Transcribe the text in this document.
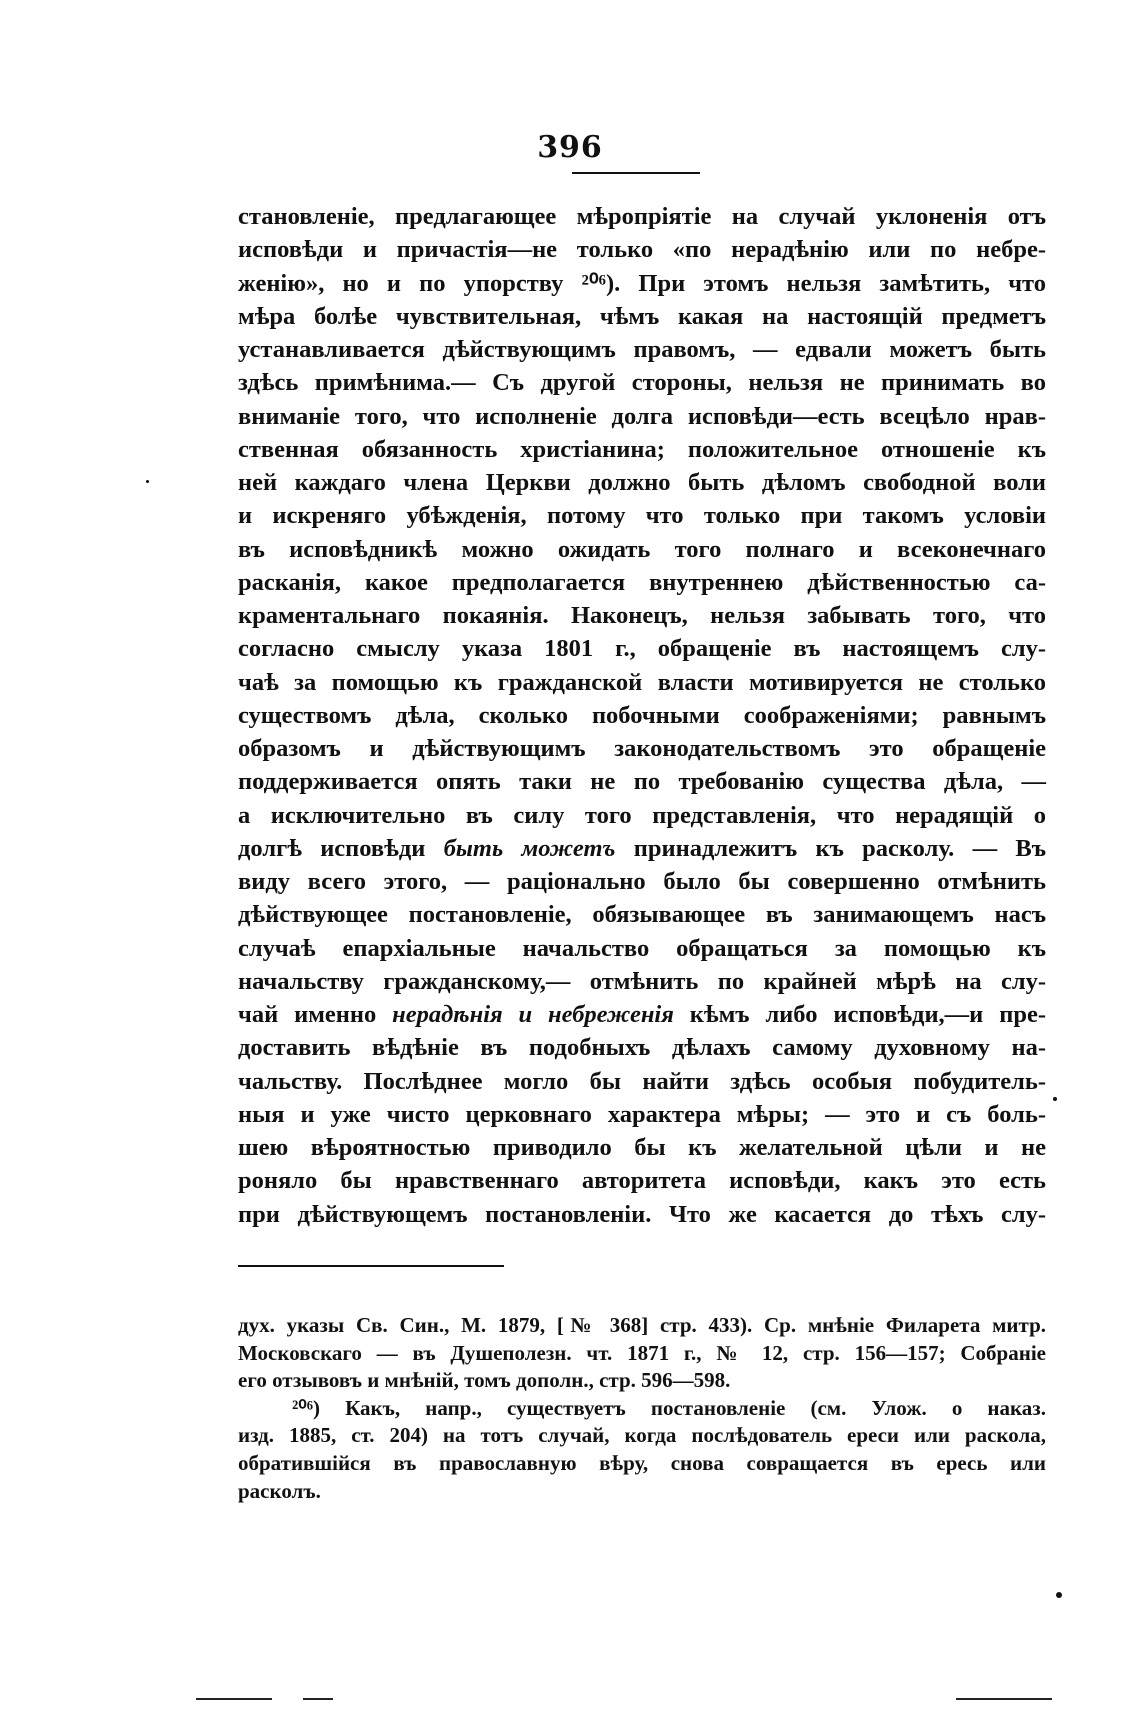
396
становленіе, предлагающее мѣропріятіе на случай уклоненія отъ
исповѣди и причастія—не только «по нерадѣнію или по небре-
женію», но и по упорству ²⁰⁶). При этомъ нельзя замѣтить, что
мѣра болѣе чувствительная, чѣмъ какая на настоящій предметъ
устанавливается дѣйствующимъ правомъ, — едвали можетъ быть
здѣсь примѣнима.— Съ другой стороны, нельзя не принимать во
вниманіе того, что исполненіе долга исповѣди—есть всецѣло нрав-
ственная обязанность христіанина; положительное отношеніе къ
ней каждаго члена Церкви должно быть дѣломъ свободной воли
и искреняго убѣжденія, потому что только при такомъ условіи
въ исповѣдникѣ можно ожидать того полнаго и всеконечнаго
расканія, какое предполагается внутреннею дѣйственностью са-
краментальнаго покаянія. Наконецъ, нельзя забывать того, что
согласно смыслу указа 1801 г., обращеніе въ настоящемъ слу-
чаѣ за помощью къ гражданской власти мотивируется не столько
существомъ дѣла, сколько побочными соображеніями; равнымъ
образомъ и дѣйствующимъ законодательствомъ это обращеніе
поддерживается опять таки не по требованію существа дѣла, —
а исключительно въ силу того представленія, что нерадящій о
долгѣ исповѣди быть можетъ принадлежитъ къ расколу. — Въ
виду всего этого, — раціонально было бы совершенно отмѣнить
дѣйствующее постановленіе, обязывающее въ занимающемъ насъ
случаѣ епархіальные начальство обращаться за помощью къ
начальству гражданскому,— отмѣнить по крайней мѣрѣ на слу-
чай именно нерадѣнія и небреженія кѣмъ либо исповѣди,—и пре-
доставить вѣдѣніе въ подобныхъ дѣлахъ самому духовному на-
чальству. Послѣднее могло бы найти здѣсь особыя побудитель-
ныя и уже чисто церковнаго характера мѣры; — это и съ боль-
шею вѣроятностью приводило бы къ желательной цѣли и не
роняло бы нравственнаго авторитета исповѣди, какъ это есть
при дѣйствующемъ постановленіи. Что же касается до тѣхъ слу-
дух. указы Св. Син., М. 1879, [№ 368] стр. 433). Ср. мнѣніе Филарета митр.
Московскаго — въ Душеполезн. чт. 1871 г., № 12, стр. 156—157; Собраніе
его отзывовъ и мнѣній, томъ дополн., стр. 596—598.
²⁰⁶) Какъ, напр., существуетъ постановленіе (см. Улож. о наказ.
изд. 1885, ст. 204) на тотъ случай, когда послѣдователь ереси или раскола,
обратившійся въ православную вѣру, снова совращается въ ересь или
расколъ.
